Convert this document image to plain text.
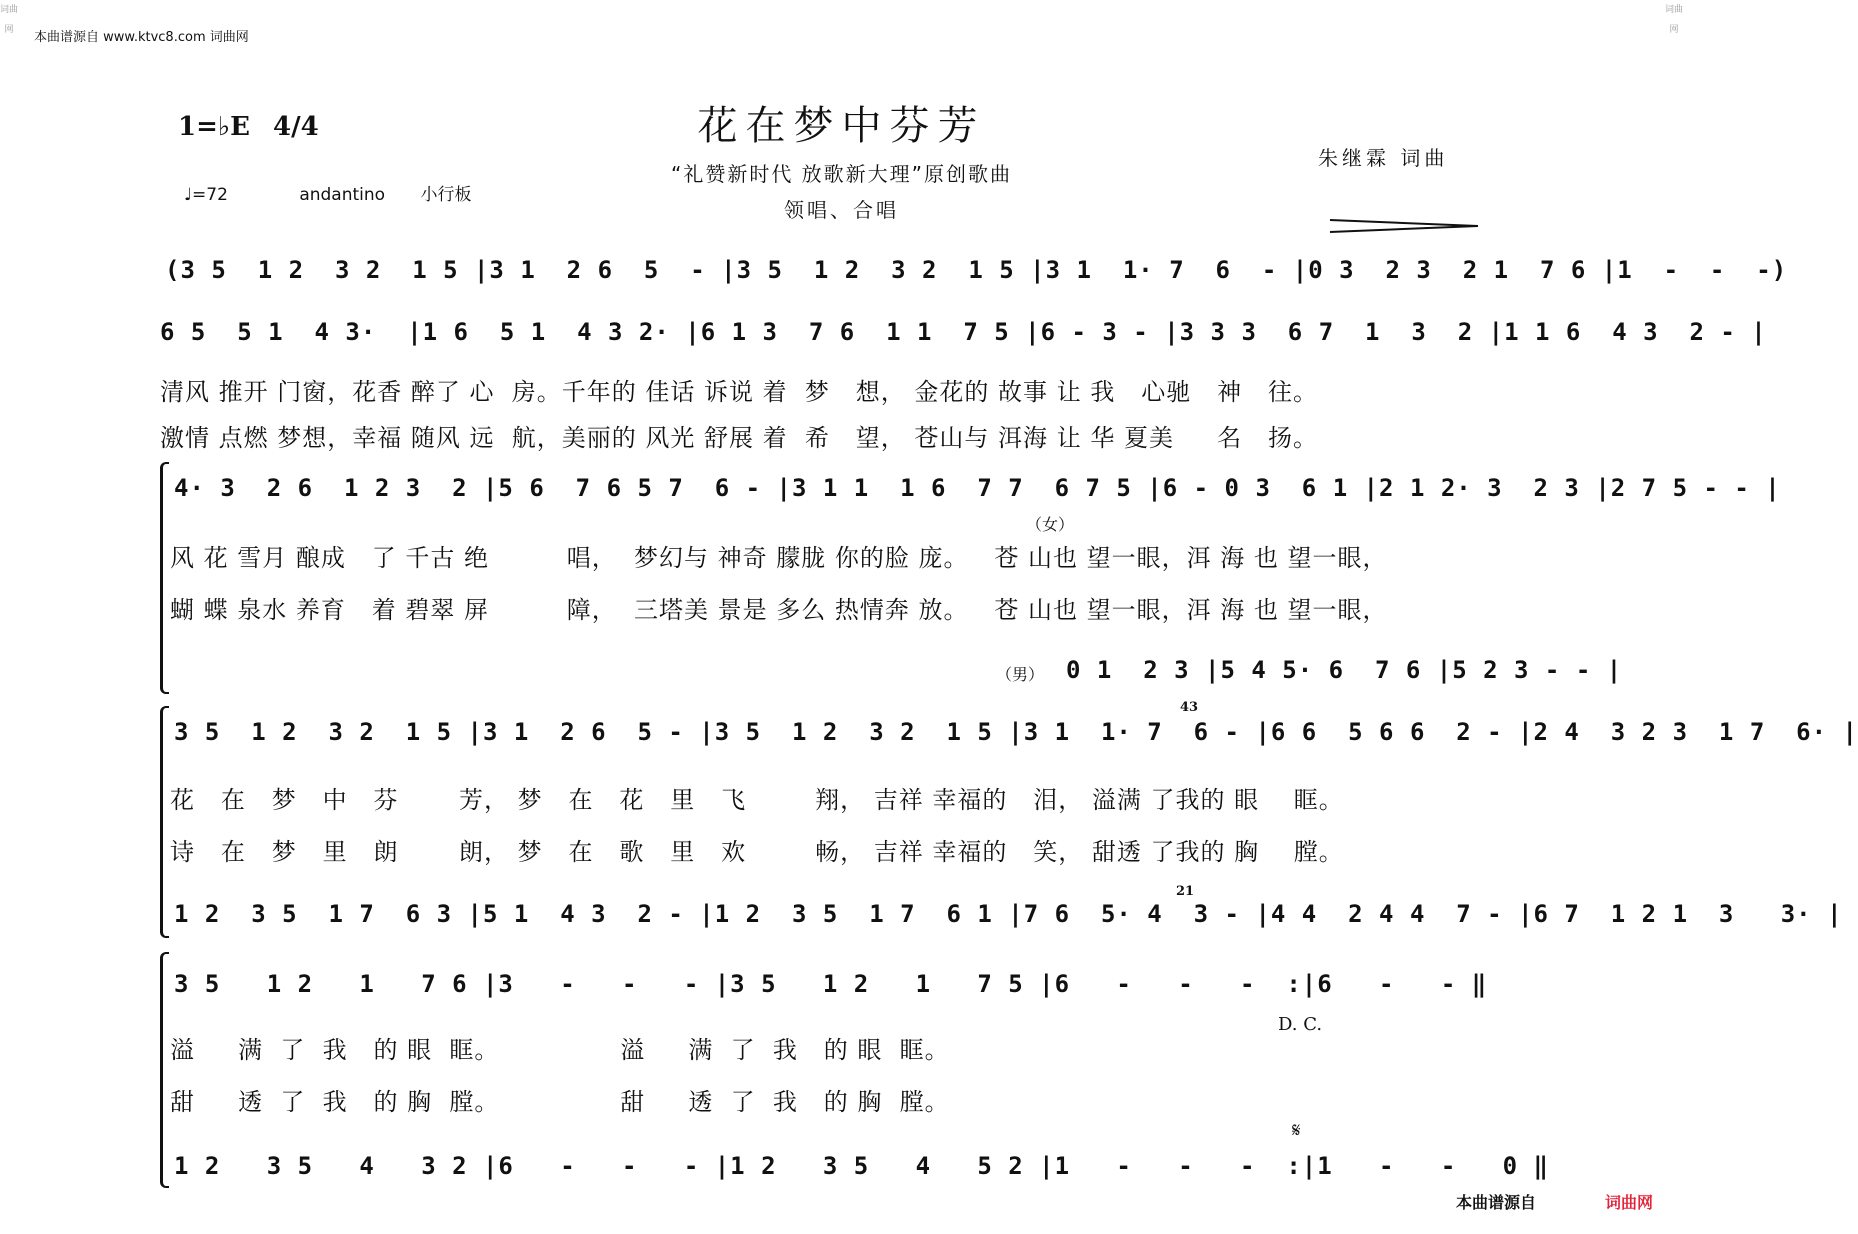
词曲网
词曲网
本曲谱源自 www.ktvc8.com 词曲网
1=♭E 4/4	花在梦中芬芳
“礼赞新时代 放歌新大理”原创歌曲
领唱、合唱
朱继霖 词曲
♩=72	andantino 小行板
(3 5  1 2  3 2  1 5 |3 1  2 6  5  - |3 5  1 2  3 2  1 5 |3 1  1· 7  6  - |0 3  2 3  2 1  7 6 |1  -  -  -)
6 5  5 1  4 3·  |1 6  5 1  4 3 2· |6 1 3  7 6  1 1  7 5 |6 - 3 - |3 3 3  6 7  1  3  2 |1 1 6  4 3  2 - |
清风 推开 门窗，花香 醉了 心  房。千年的 佳话 诉说 着  梦   想， 金花的 故事 让 我   心驰   神   往。
激情 点燃 梦想，幸福 随风 远  航，美丽的 风光 舒展 着  希   望， 苍山与 洱海 让 华 夏美     名   扬。
4· 3  2 6  1 2 3  2 |5 6  7 6 5 7  6 - |3 1 1  1 6  7 7  6 7 5 |6 - 0 3  6 1 |2 1 2· 3  2 3 |2 7 5 - - |
（女）
风 花 雪月 酿成   了 千古 绝         唱，  梦幻与 神奇 朦胧 你的脸 庞。   苍 山也 望一眼，洱 海 也 望一眼，
蝴 蝶 泉水 养育   着 碧翠 屏         障，  三塔美 景是 多么 热情奔 放。   苍 山也 望一眼，洱 海 也 望一眼，
（男） 0 1  2 3 |5 4 5· 6  7 6 |5 2 3 - - |
3 5  1 2  3 2  1 5 |3 1  2 6  5 - |3 5  1 2  3 2  1 5 |3 1  1· 7  6 - |6 6  5 6 6  2 - |2 4  3 2 3  1 7  6· |
43
花   在   梦   中   芬       芳， 梦   在   花   里   飞        翔， 吉祥 幸福的   泪， 溢满 了我的 眼    眶。
诗   在   梦   里   朗       朗， 梦   在   歌   里   欢        畅， 吉祥 幸福的   笑， 甜透 了我的 胸    膛。
1 2  3 5  1 7  6 3 |5 1  4 3  2 - |1 2  3 5  1 7  6 1 |7 6  5· 4  3 - |4 4  2 4 4  7 - |6 7  1 2 1  3   3· |
21
3 5   1 2   1   7 6 |3   -   -   - |3 5   1 2   1   7 5 |6   -   -   -  :|6   -   - ‖
D. C.
溢     满  了  我   的 眼  眶。              溢     满  了  我   的 眼  眶。
甜     透  了  我   的 胸  膛。              甜     透  了  我   的 胸  膛。
𝄋
1 2   3 5   4   3 2 |6   -   -   - |1 2   3 5   4   5 2 |1   -   -   -  :|1   -   -   0 ‖
本曲谱源自	词曲网
